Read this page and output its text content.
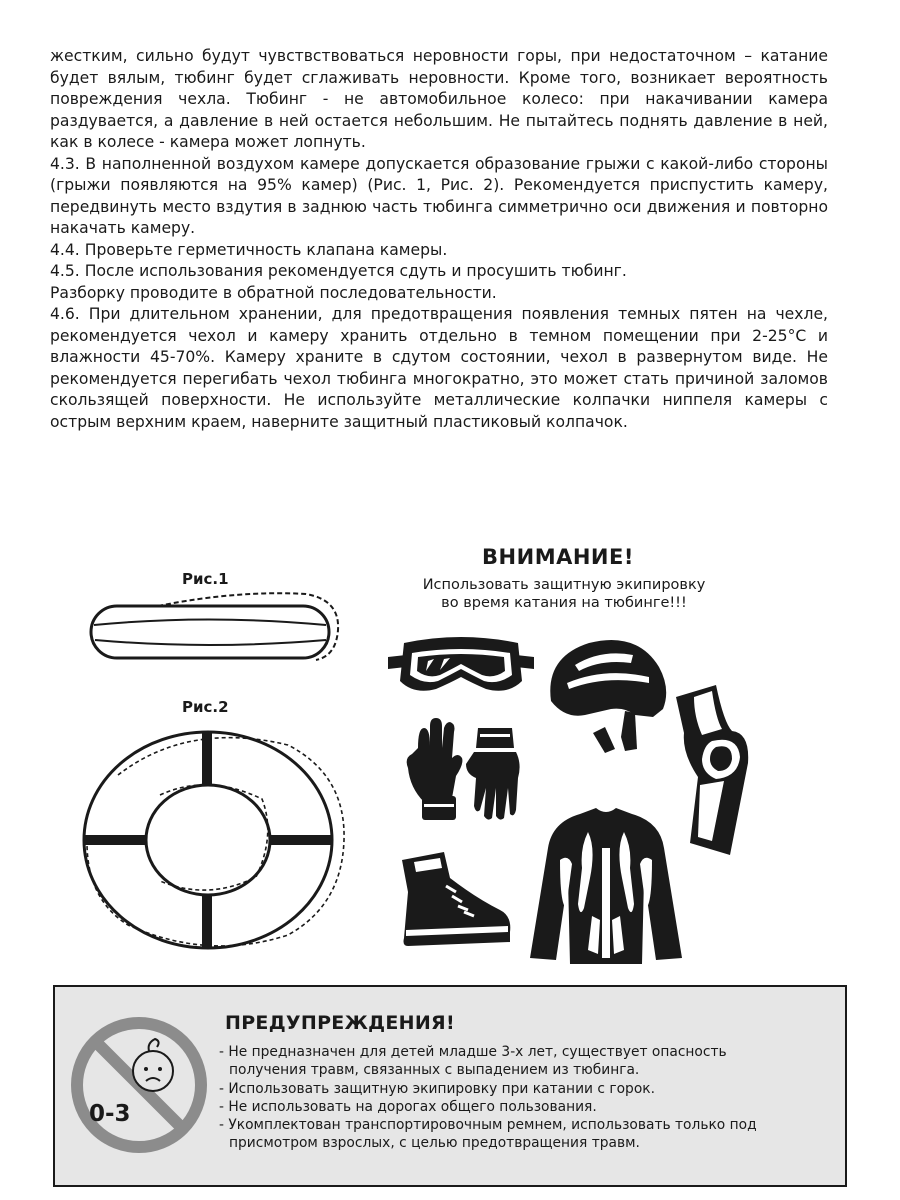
жестким, сильно будут чувствствоваться неровности горы, при недостаточном – катание будет вялым, тюбинг будет сглаживать неровности. Кроме того, возникает вероятность повреждения чехла. Тюбинг - не автомобильное колесо: при накачивании камера раздувается, а давление в ней остается небольшим. Не пытайтесь поднять давление в ней, как в колесе - камера может лопнуть.

4.3. В наполненной воздухом камере допускается образование грыжи с какой-либо стороны (грыжи появляются на 95% камер) (Рис. 1, Рис. 2). Рекомендуется приспустить камеру, передвинуть место вздутия в заднюю часть тюбинга симметрично оси движения и повторно накачать камеру.

4.4. Проверьте герметичность клапана камеры.

4.5. После использования рекомендуется сдуть и просушить тюбинг.

Разборку проводите в обратной последовательности.

4.6. При длительном хранении, для предотвращения появления темных пятен на чехле, рекомендуется чехол и камеру хранить отдельно в темном помещении при 2-25°С и влажности 45-70%. Камеру храните в сдутом состоянии, чехол в развернутом виде. Не рекомендуется перегибать чехол тюбинга многократно, это может стать причиной заломов скользящей поверхности. Не используйте металлические колпачки ниппеля камеры с острым верхним краем, наверните защитный пластиковый колпачок.

Рис.1
Рис.2
ВНИМАНИЕ!
Использовать защитную экипировку
во время катания на тюбинге!!!
0-3
ПРЕДУПРЕЖДЕНИЯ!

- Не предназначен для детей младше 3-х лет, существует опасность
получения травм, связанных с выпадением из тюбинга.

- Использовать защитную экипировку при катании с горок.

- Не использовать на дорогах общего пользования.

- Укомплектован транспортировочным ремнем, использовать только под
присмотром взрослых, с целью предотвращения травм.
